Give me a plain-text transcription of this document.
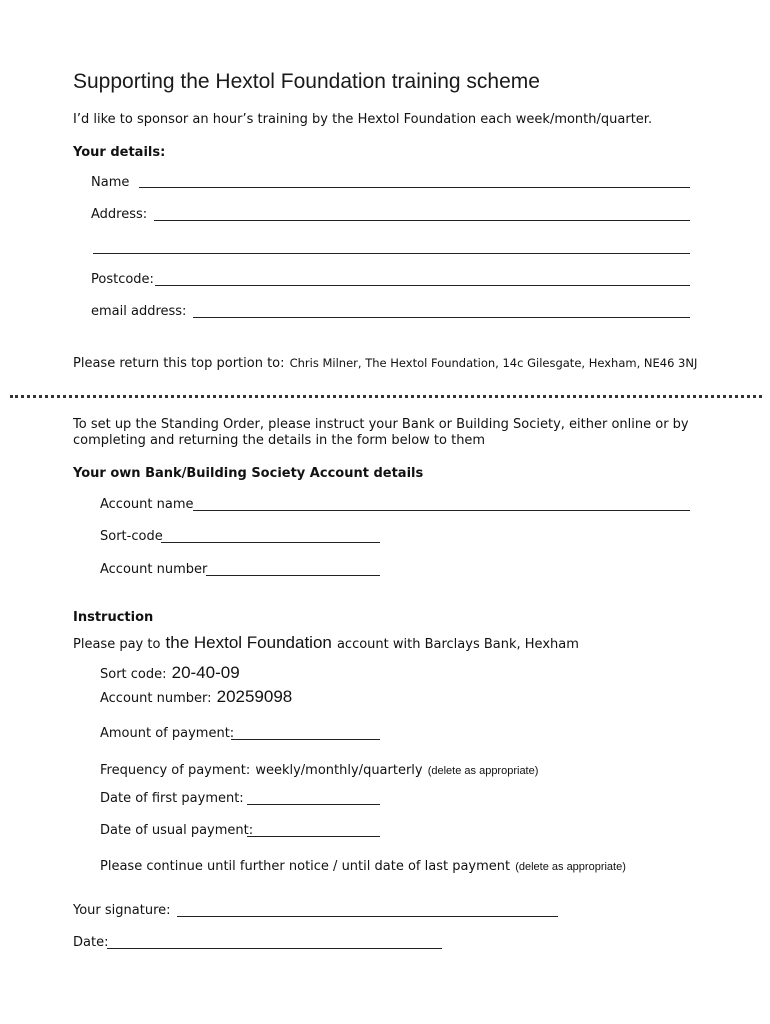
Supporting the Hextol Foundation training scheme
I’d like to sponsor an hour’s training by the Hextol Foundation each week/month/quarter.
Your details:
Name
Address:
Postcode:
email address:
Please return this top portion to: Chris Milner, The Hextol Foundation, 14c Gilesgate, Hexham, NE46 3NJ
To set up the Standing Order, please instruct your Bank or Building Society, either online or by
completing and returning the details in the form below to them
Your own Bank/Building Society Account details
Account name
Sort-code
Account number
Instruction
Please pay to the Hextol Foundation account with Barclays Bank, Hexham
Sort code: 20-40-09
Account number: 20259098
Amount of payment:
Frequency of payment: weekly/monthly/quarterly (delete as appropriate)
Date of first payment:
Date of usual payment:
Please continue until further notice / until date of last payment (delete as appropriate)
Your signature:
Date:
